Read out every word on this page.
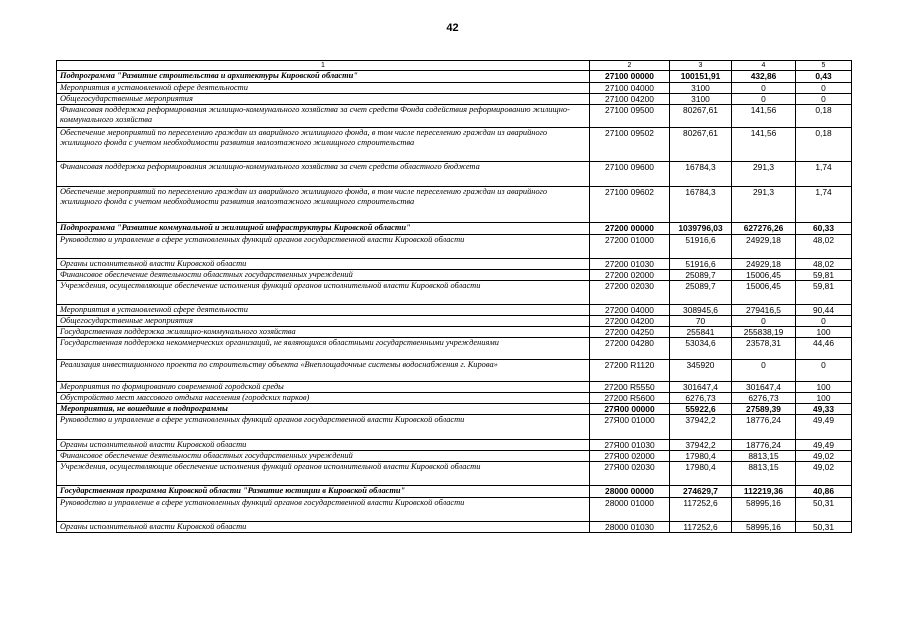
42
1	2	3	4	5
Подпрограмма "Развитие строительства и архитектуры Кировской области"	27100 00000	100151,91	432,86	0,43
Мероприятия в установленной сфере деятельности	27100 04000	3100	0	0
Общегосударственные мероприятия	27100 04200	3100	0	0
Финансовая поддержка реформирования жилищно-коммунального хозяйства за счет средств Фонда содействия реформированию жилищно-коммунального хозяйства	27100 09500	80267,61	141,56	0,18
Обеспечение мероприятий по переселению граждан из аварийного жилищного фонда, в том числе переселению граждан из аварийного жилищного фонда с учетом необходимости развития малоэтажного жилищного строительства	27100 09502	80267,61	141,56	0,18
Финансовая поддержка реформирования жилищно-коммунального хозяйства за счет средств областного бюджета	27100 09600	16784,3	291,3	1,74
Обеспечение мероприятий по переселению граждан из аварийного жилищного фонда, в том числе переселению граждан из аварийного жилищного фонда с учетом необходимости развития малоэтажного жилищного строительства	27100 09602	16784,3	291,3	1,74
Подпрограмма "Развитие коммунальной и жилищной инфраструктуры Кировской области"	27200 00000	1039796,03	627276,26	60,33
Руководство и управление в сфере установленных функций органов государственной власти Кировской области	27200 01000	51916,6	24929,18	48,02
Органы исполнительной власти Кировской области	27200 01030	51916,6	24929,18	48,02
Финансовое обеспечение деятельности областных государственных учреждений	27200 02000	25089,7	15006,45	59,81
Учреждения, осуществляющие обеспечение исполнения функций органов исполнительной власти Кировской области	27200 02030	25089,7	15006,45	59,81
Мероприятия в установленной сфере деятельности	27200 04000	308945,6	279416,5	90,44
Общегосударственные мероприятия	27200 04200	70	0	0
Государственная поддержка жилищно-коммунального хозяйства	27200 04250	255841	255838,19	100
Государственная поддержка некоммерческих организаций, не являющихся областными государственными учреждениями	27200 04280	53034,6	23578,31	44,46
Реализация инвестиционного проекта по строительству объекта «Внеплощадочные системы водоснабжения г. Кирова»	27200 R1120	345920	0	0
Мероприятия по формированию современной городской среды	27200 R5550	301647,4	301647,4	100
Обустройство мест массового отдыха населения (городских парков)	27200 R5600	6276,73	6276,73	100
Мероприятия, не вошедшие в подпрограммы	27Я00 00000	55922,6	27589,39	49,33
Руководство и управление в сфере установленных функций органов государственной власти Кировской области	27Я00 01000	37942,2	18776,24	49,49
Органы исполнительной власти Кировской области	27Я00 01030	37942,2	18776,24	49,49
Финансовое обеспечение деятельности областных государственных учреждений	27Я00 02000	17980,4	8813,15	49,02
Учреждения, осуществляющие обеспечение исполнения функций органов исполнительной власти Кировской области	27Я00 02030	17980,4	8813,15	49,02
Государственная программа Кировской области "Развитие юстиции в Кировской области"	28000 00000	274629,7	112219,36	40,86
Руководство и управление в сфере установленных функций органов государственной власти Кировской области	28000 01000	117252,6	58995,16	50,31
Органы исполнительной власти Кировской области	28000 01030	117252,6	58995,16	50,31
